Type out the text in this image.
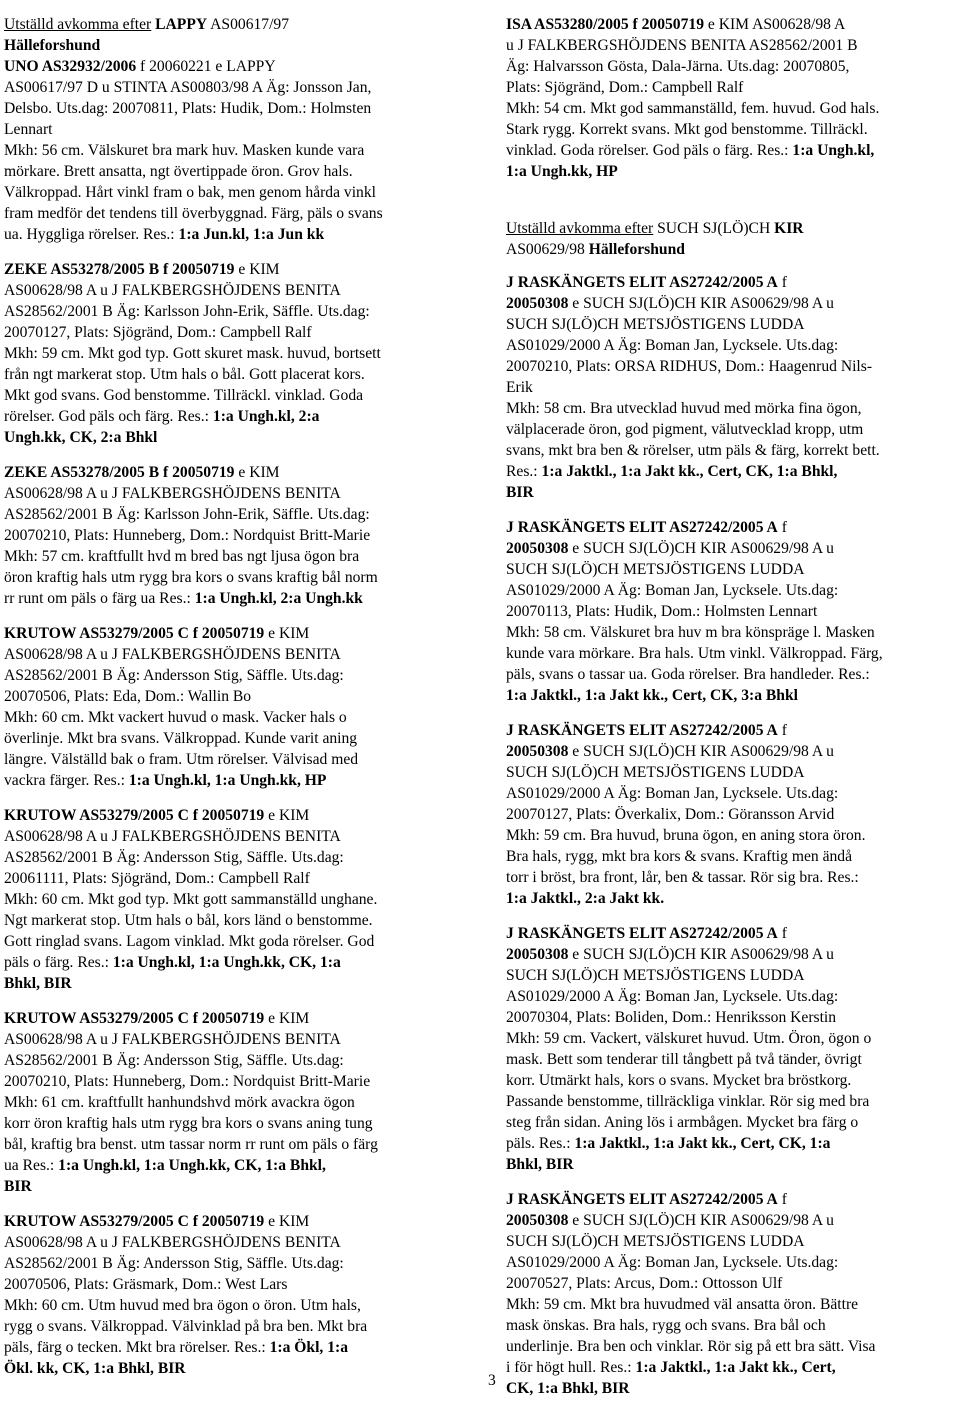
Utställd avkomma efter LAPPY AS00617/97
Hälleforshund
UNO AS32932/2006 f 20060221 e LAPPY
AS00617/97 D u STINTA AS00803/98 A Äg: Jonsson Jan,
Delsbo. Uts.dag: 20070811, Plats: Hudik, Dom.: Holmsten
Lennart
Mkh: 56 cm. Välskuret bra mark huv. Masken kunde vara
mörkare. Brett ansatta, ngt övertippade öron. Grov hals.
Välkroppad. Hårt vinkl fram o bak, men genom hårda vinkl
fram medför det tendens till överbyggnad. Färg, päls o svans
ua. Hyggliga rörelser. Res.: 1:a Jun.kl, 1:a Jun kk
ZEKE AS53278/2005 B f 20050719 e KIM
AS00628/98 A u J FALKBERGSHÖJDENS BENITA
AS28562/2001 B Äg: Karlsson John-Erik, Säffle. Uts.dag:
20070127, Plats: Sjögränd, Dom.: Campbell Ralf
Mkh: 59 cm. Mkt god typ. Gott skuret mask. huvud, bortsett
från ngt markerat stop. Utm hals o bål. Gott placerat kors.
Mkt god svans. God benstomme. Tillräckl. vinklad. Goda
rörelser. God päls och färg. Res.: 1:a Ungh.kl, 2:a
Ungh.kk, CK, 2:a Bhkl
ZEKE AS53278/2005 B f 20050719 e KIM
AS00628/98 A u J FALKBERGSHÖJDENS BENITA
AS28562/2001 B Äg: Karlsson John-Erik, Säffle. Uts.dag:
20070210, Plats: Hunneberg, Dom.: Nordquist Britt-Marie
Mkh: 57 cm. kraftfullt hvd m bred bas ngt ljusa ögon bra
öron kraftig hals utm rygg bra kors o svans kraftig bål norm
rr runt om päls o färg ua Res.: 1:a Ungh.kl, 2:a Ungh.kk
KRUTOW AS53279/2005 C f 20050719 e KIM
AS00628/98 A u J FALKBERGSHÖJDENS BENITA
AS28562/2001 B Äg: Andersson Stig, Säffle. Uts.dag:
20070506, Plats: Eda, Dom.: Wallin Bo
Mkh: 60 cm. Mkt vackert huvud o mask. Vacker hals o
överlinje. Mkt bra svans. Välkroppad. Kunde varit aning
längre. Välställd bak o fram. Utm rörelser. Välvisad med
vackra färger. Res.: 1:a Ungh.kl, 1:a Ungh.kk, HP
KRUTOW AS53279/2005 C f 20050719 e KIM
AS00628/98 A u J FALKBERGSHÖJDENS BENITA
AS28562/2001 B Äg: Andersson Stig, Säffle. Uts.dag:
20061111, Plats: Sjögränd, Dom.: Campbell Ralf
Mkh: 60 cm. Mkt god typ. Mkt gott sammanställd unghane.
Ngt markerat stop. Utm hals o bål, kors länd o benstomme.
Gott ringlad svans. Lagom vinklad. Mkt goda rörelser. God
päls o färg. Res.: 1:a Ungh.kl, 1:a Ungh.kk, CK, 1:a
Bhkl, BIR
KRUTOW AS53279/2005 C f 20050719 e KIM
AS00628/98 A u J FALKBERGSHÖJDENS BENITA
AS28562/2001 B Äg: Andersson Stig, Säffle. Uts.dag:
20070210, Plats: Hunneberg, Dom.: Nordquist Britt-Marie
Mkh: 61 cm. kraftfullt hanhundshvd mörk avackra ögon
korr öron kraftig hals utm rygg bra kors o svans aning tung
bål, kraftig bra benst. utm tassar norm rr runt om päls o färg
ua Res.: 1:a Ungh.kl, 1:a Ungh.kk, CK, 1:a Bhkl,
BIR
KRUTOW AS53279/2005 C f 20050719 e KIM
AS00628/98 A u J FALKBERGSHÖJDENS BENITA
AS28562/2001 B Äg: Andersson Stig, Säffle. Uts.dag:
20070506, Plats: Gräsmark, Dom.: West Lars
Mkh: 60 cm. Utm huvud med bra ögon o öron. Utm hals,
rygg o svans. Välkroppad. Välvinklad på bra ben. Mkt bra
päls, färg o tecken. Mkt bra rörelser. Res.: 1:a Ökl, 1:a
Ökl. kk, CK, 1:a Bhkl, BIR
ISA AS53280/2005 f 20050719 e KIM AS00628/98 A
u J FALKBERGSHÖJDENS BENITA AS28562/2001 B
Äg: Halvarsson Gösta, Dala-Järna. Uts.dag: 20070805,
Plats: Sjögränd, Dom.: Campbell Ralf
Mkh: 54 cm. Mkt god sammanställd, fem. huvud. God hals.
Stark rygg. Korrekt svans. Mkt god benstomme. Tillräckl.
vinklad. Goda rörelser. God päls o färg. Res.: 1:a Ungh.kl,
1:a Ungh.kk, HP
Utställd avkomma efter SUCH SJ(LÖ)CH KIR
AS00629/98 Hälleforshund
J RASKÄNGETS ELIT AS27242/2005 A f
20050308 e SUCH SJ(LÖ)CH KIR AS00629/98 A u
SUCH SJ(LÖ)CH METSJÖSTIGENS LUDDA
AS01029/2000 A Äg: Boman Jan, Lycksele. Uts.dag:
20070210, Plats: ORSA RIDHUS, Dom.: Haagenrud Nils-
Erik
Mkh: 58 cm. Bra utvecklad huvud med mörka fina ögon,
välplacerade öron, god pigment, välutvecklad kropp, utm
svans, mkt bra ben & rörelser, utm päls & färg, korrekt bett.
Res.: 1:a Jaktkl., 1:a Jakt kk., Cert, CK, 1:a Bhkl,
BIR
J RASKÄNGETS ELIT AS27242/2005 A f
20050308 e SUCH SJ(LÖ)CH KIR AS00629/98 A u
SUCH SJ(LÖ)CH METSJÖSTIGENS LUDDA
AS01029/2000 A Äg: Boman Jan, Lycksele. Uts.dag:
20070113, Plats: Hudik, Dom.: Holmsten Lennart
Mkh: 58 cm. Välskuret bra huv m bra könspräge l. Masken
kunde vara mörkare. Bra hals. Utm vinkl. Välkroppad. Färg,
päls, svans o tassar ua. Goda rörelser. Bra handleder. Res.:
1:a Jaktkl., 1:a Jakt kk., Cert, CK, 3:a Bhkl
J RASKÄNGETS ELIT AS27242/2005 A f
20050308 e SUCH SJ(LÖ)CH KIR AS00629/98 A u
SUCH SJ(LÖ)CH METSJÖSTIGENS LUDDA
AS01029/2000 A Äg: Boman Jan, Lycksele. Uts.dag:
20070127, Plats: Överkalix, Dom.: Göransson Arvid
Mkh: 59 cm. Bra huvud, bruna ögon, en aning stora öron.
Bra hals, rygg, mkt bra kors & svans. Kraftig men ändå
torr i bröst, bra front, lår, ben & tassar. Rör sig bra. Res.:
1:a Jaktkl., 2:a Jakt kk.
J RASKÄNGETS ELIT AS27242/2005 A f
20050308 e SUCH SJ(LÖ)CH KIR AS00629/98 A u
SUCH SJ(LÖ)CH METSJÖSTIGENS LUDDA
AS01029/2000 A Äg: Boman Jan, Lycksele. Uts.dag:
20070304, Plats: Boliden, Dom.: Henriksson Kerstin
Mkh: 59 cm. Vackert, välskuret huvud. Utm. Öron, ögon o
mask. Bett som tenderar till tångbett på två tänder, övrigt
korr. Utmärkt hals, kors o svans. Mycket bra bröstkorg.
Passande benstomme, tillräckliga vinklar. Rör sig med bra
steg från sidan. Aning lös i armbågen. Mycket bra färg o
päls. Res.: 1:a Jaktkl., 1:a Jakt kk., Cert, CK, 1:a
Bhkl, BIR
J RASKÄNGETS ELIT AS27242/2005 A f
20050308 e SUCH SJ(LÖ)CH KIR AS00629/98 A u
SUCH SJ(LÖ)CH METSJÖSTIGENS LUDDA
AS01029/2000 A Äg: Boman Jan, Lycksele. Uts.dag:
20070527, Plats: Arcus, Dom.: Ottosson Ulf
Mkh: 59 cm. Mkt bra huvudmed väl ansatta öron. Bättre
mask önskas. Bra hals, rygg och svans. Bra bål och
underlinje. Bra ben och vinklar. Rör sig på ett bra sätt. Visa
i för högt hull. Res.: 1:a Jaktkl., 1:a Jakt kk., Cert,
CK, 1:a Bhkl, BIR
3
